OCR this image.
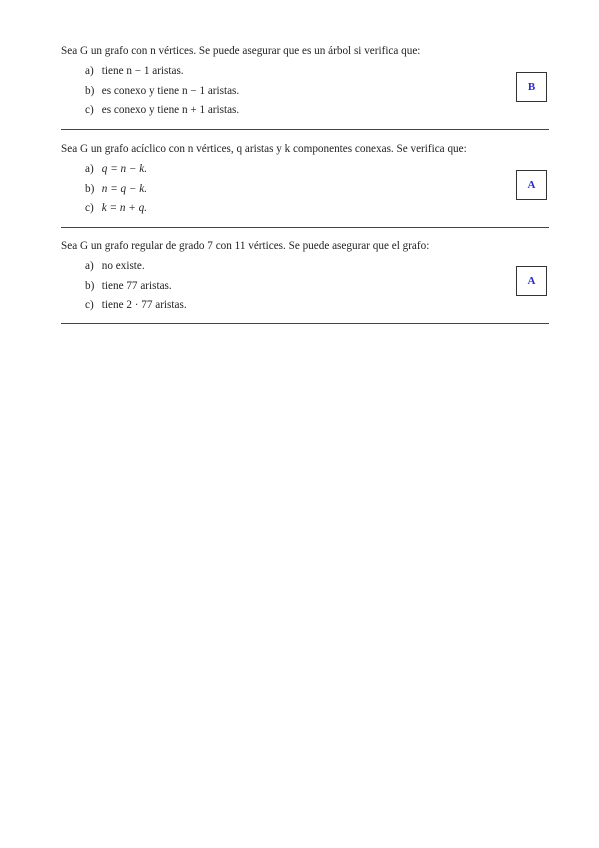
Sea G un grafo con n vértices. Se puede asegurar que es un árbol si verifica que:
a) tiene n − 1 aristas.
b) es conexo y tiene n − 1 aristas.
c) es conexo y tiene n + 1 aristas.
B
Sea G un grafo acíclico con n vértices, q aristas y k componentes conexas. Se verifica que:
a) q = n − k.
b) n = q − k.
c) k = n + q.
A
Sea G un grafo regular de grado 7 con 11 vértices. Se puede asegurar que el grafo:
a) no existe.
b) tiene 77 aristas.
c) tiene 2 · 77 aristas.
A
